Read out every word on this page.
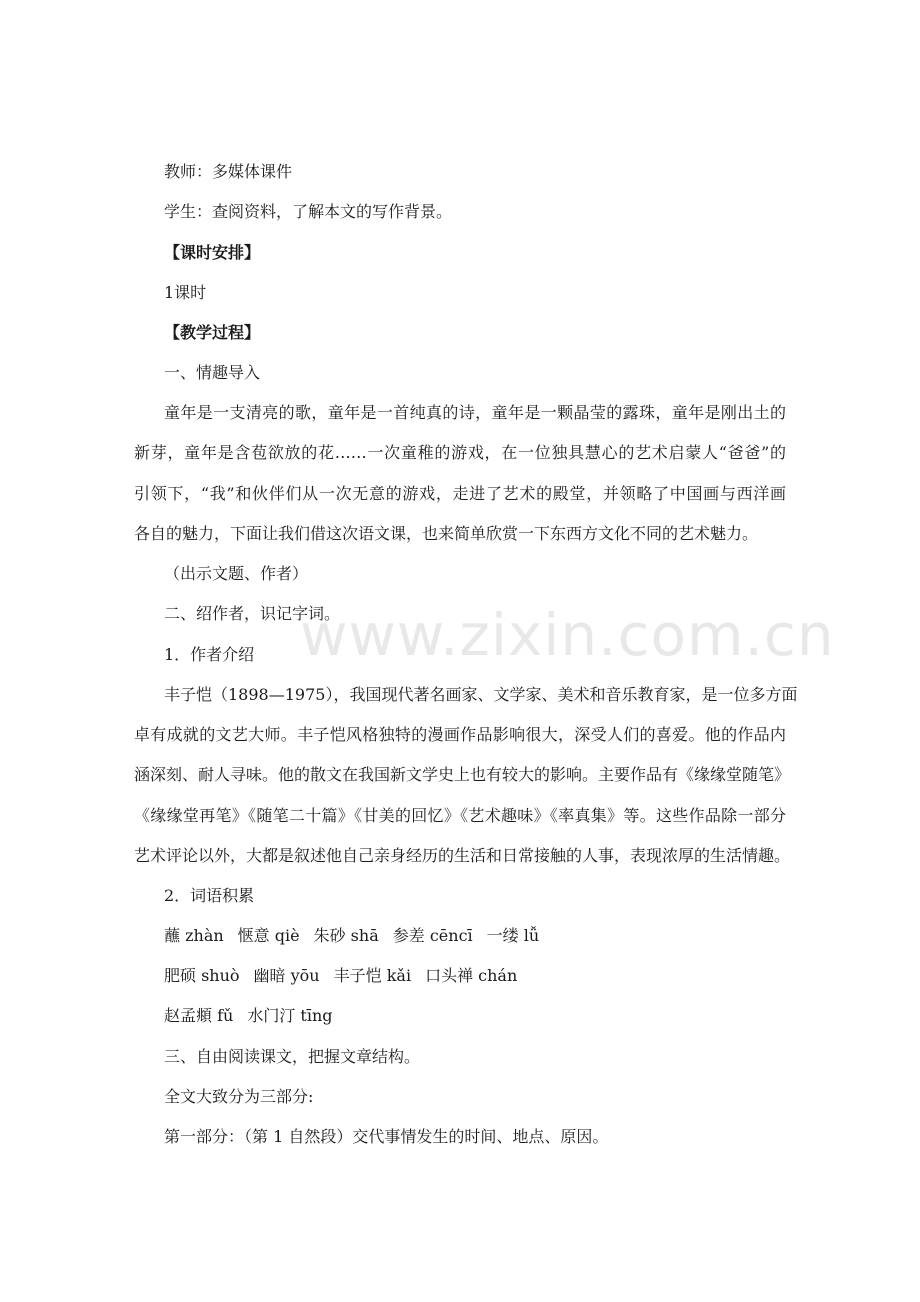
教师：多媒体课件
学生：查阅资料，了解本文的写作背景。
【课时安排】
1课时
【教学过程】
一、情趣导入
童年是一支清亮的歌，童年是一首纯真的诗，童年是一颗晶莹的露珠，童年是刚出土的
新芽，童年是含苞欲放的花……一次童稚的游戏，在一位独具慧心的艺术启蒙人“爸爸”的
引领下，“我”和伙伴们从一次无意的游戏，走进了艺术的殿堂，并领略了中国画与西洋画
各自的魅力，下面让我们借这次语文课，也来简单欣赏一下东西方文化不同的艺术魅力。
（出示文题、作者）
二、绍作者，识记字词。
1．作者介绍
丰子恺（1898—1975），我国现代著名画家、文学家、美术和音乐教育家，是一位多方面
卓有成就的文艺大师。丰子恺风格独特的漫画作品影响很大，深受人们的喜爱。他的作品内
涵深刻、耐人寻味。他的散文在我国新文学史上也有较大的影响。主要作品有《缘缘堂随笔》
《缘缘堂再笔》《随笔二十篇》《甘美的回忆》《艺术趣味》《率真集》等。这些作品除一部分
艺术评论以外，大都是叙述他自己亲身经历的生活和日常接触的人事，表现浓厚的生活情趣。
2．词语积累
蘸 zhàn 惬意 qiè 朱砂 shā 参差 cēncī 一缕 lǚ
肥硕 shuò 幽暗 yōu 丰子恺 kǎi 口头禅 chán
赵孟頫 fǔ 水门汀 tīng
三、自由阅读课文，把握文章结构。
全文大致分为三部分:
第一部分：（第 1 自然段）交代事情发生的时间、地点、原因。
www.zixin.com.cn
